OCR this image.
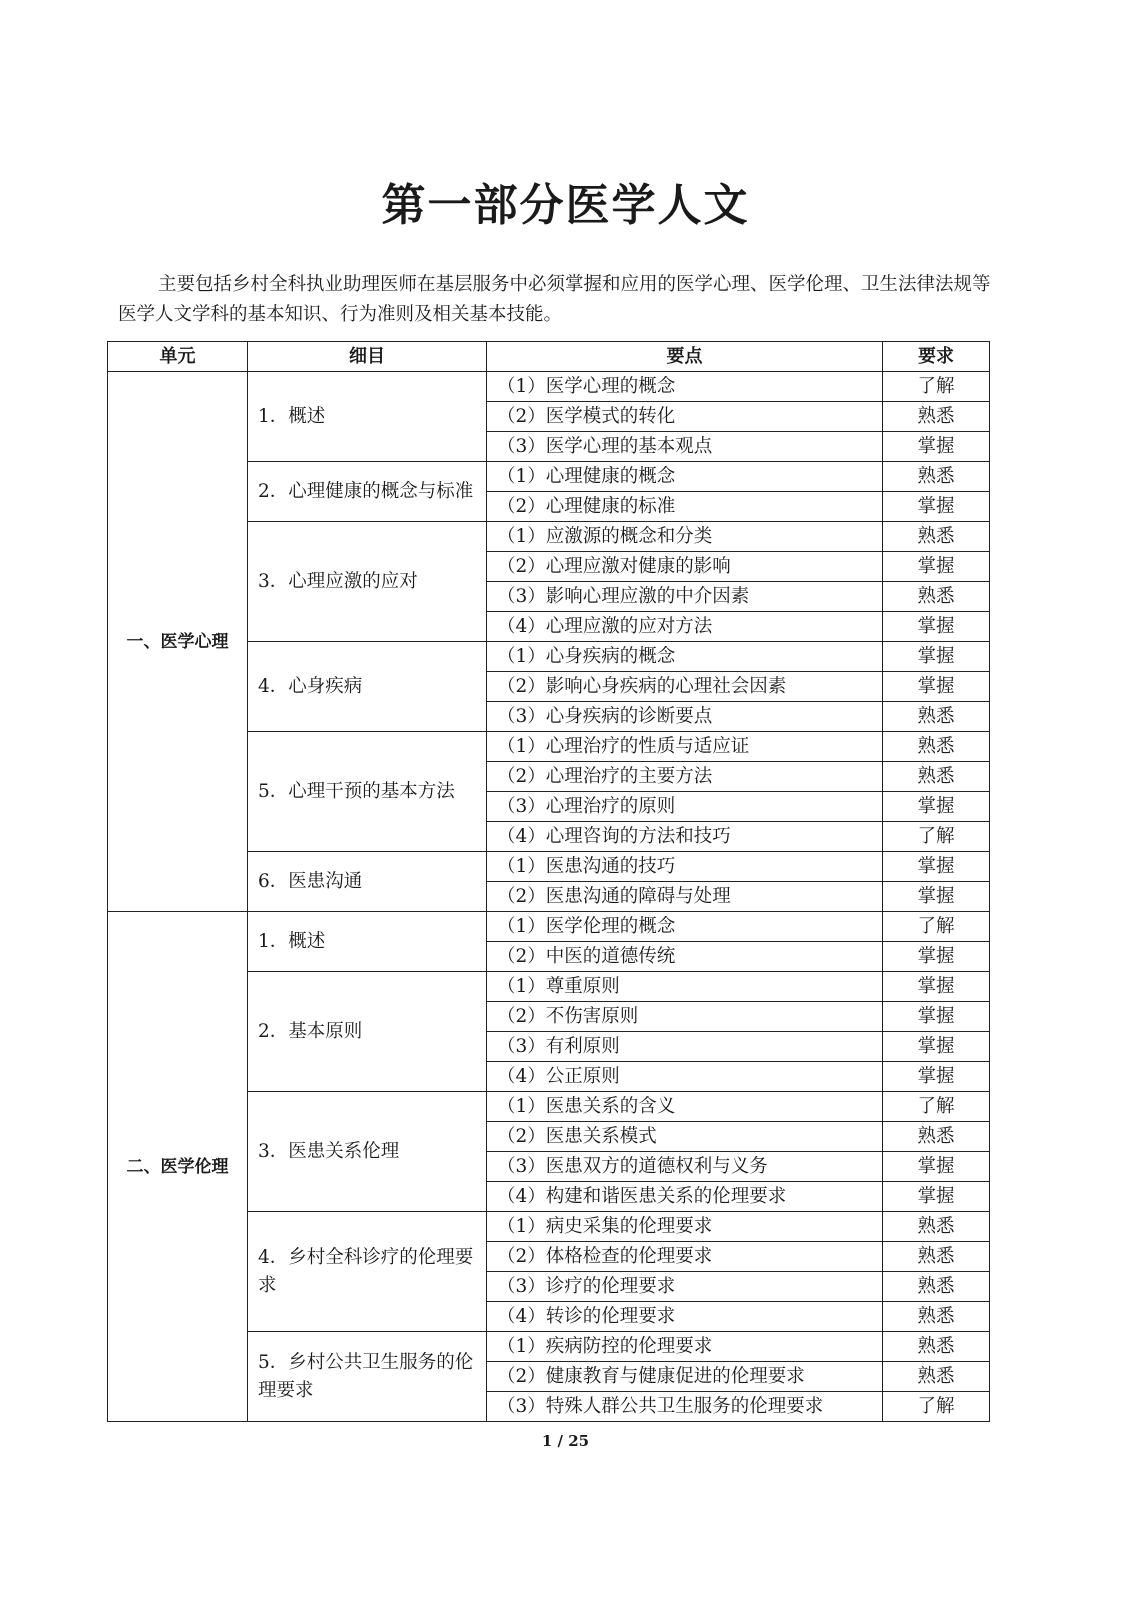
第一部分医学人文
主要包括乡村全科执业助理医师在基层服务中必须掌握和应用的医学心理、医学伦理、卫生法律法规等医学人文学科的基本知识、行为准则及相关基本技能。
单元	细目	要点	要求
一、医学心理	1．概述	（1）医学心理的概念	了解
		（2）医学模式的转化	熟悉
		（3）医学心理的基本观点	掌握
	2．心理健康的概念与标准	（1）心理健康的概念	熟悉
		（2）心理健康的标准	掌握
	3．心理应激的应对	（1）应激源的概念和分类	熟悉
		（2）心理应激对健康的影响	掌握
		（3）影响心理应激的中介因素	熟悉
		（4）心理应激的应对方法	掌握
	4．心身疾病	（1）心身疾病的概念	掌握
		（2）影响心身疾病的心理社会因素	掌握
		（3）心身疾病的诊断要点	熟悉
	5．心理干预的基本方法	（1）心理治疗的性质与适应证	熟悉
		（2）心理治疗的主要方法	熟悉
		（3）心理治疗的原则	掌握
		（4）心理咨询的方法和技巧	了解
	6．医患沟通	（1）医患沟通的技巧	掌握
		（2）医患沟通的障碍与处理	掌握
二、医学伦理	1．概述	（1）医学伦理的概念	了解
		（2）中医的道德传统	掌握
	2．基本原则	（1）尊重原则	掌握
		（2）不伤害原则	掌握
		（3）有利原则	掌握
		（4）公正原则	掌握
	3．医患关系伦理	（1）医患关系的含义	了解
		（2）医患关系模式	熟悉
		（3）医患双方的道德权利与义务	掌握
		（4）构建和谐医患关系的伦理要求	掌握
	4．乡村全科诊疗的伦理要求	（1）病史采集的伦理要求	熟悉
		（2）体格检查的伦理要求	熟悉
		（3）诊疗的伦理要求	熟悉
		（4）转诊的伦理要求	熟悉
	5．乡村公共卫生服务的伦理要求	（1）疾病防控的伦理要求	熟悉
		（2）健康教育与健康促进的伦理要求	熟悉
		（3）特殊人群公共卫生服务的伦理要求	了解
1 / 25
